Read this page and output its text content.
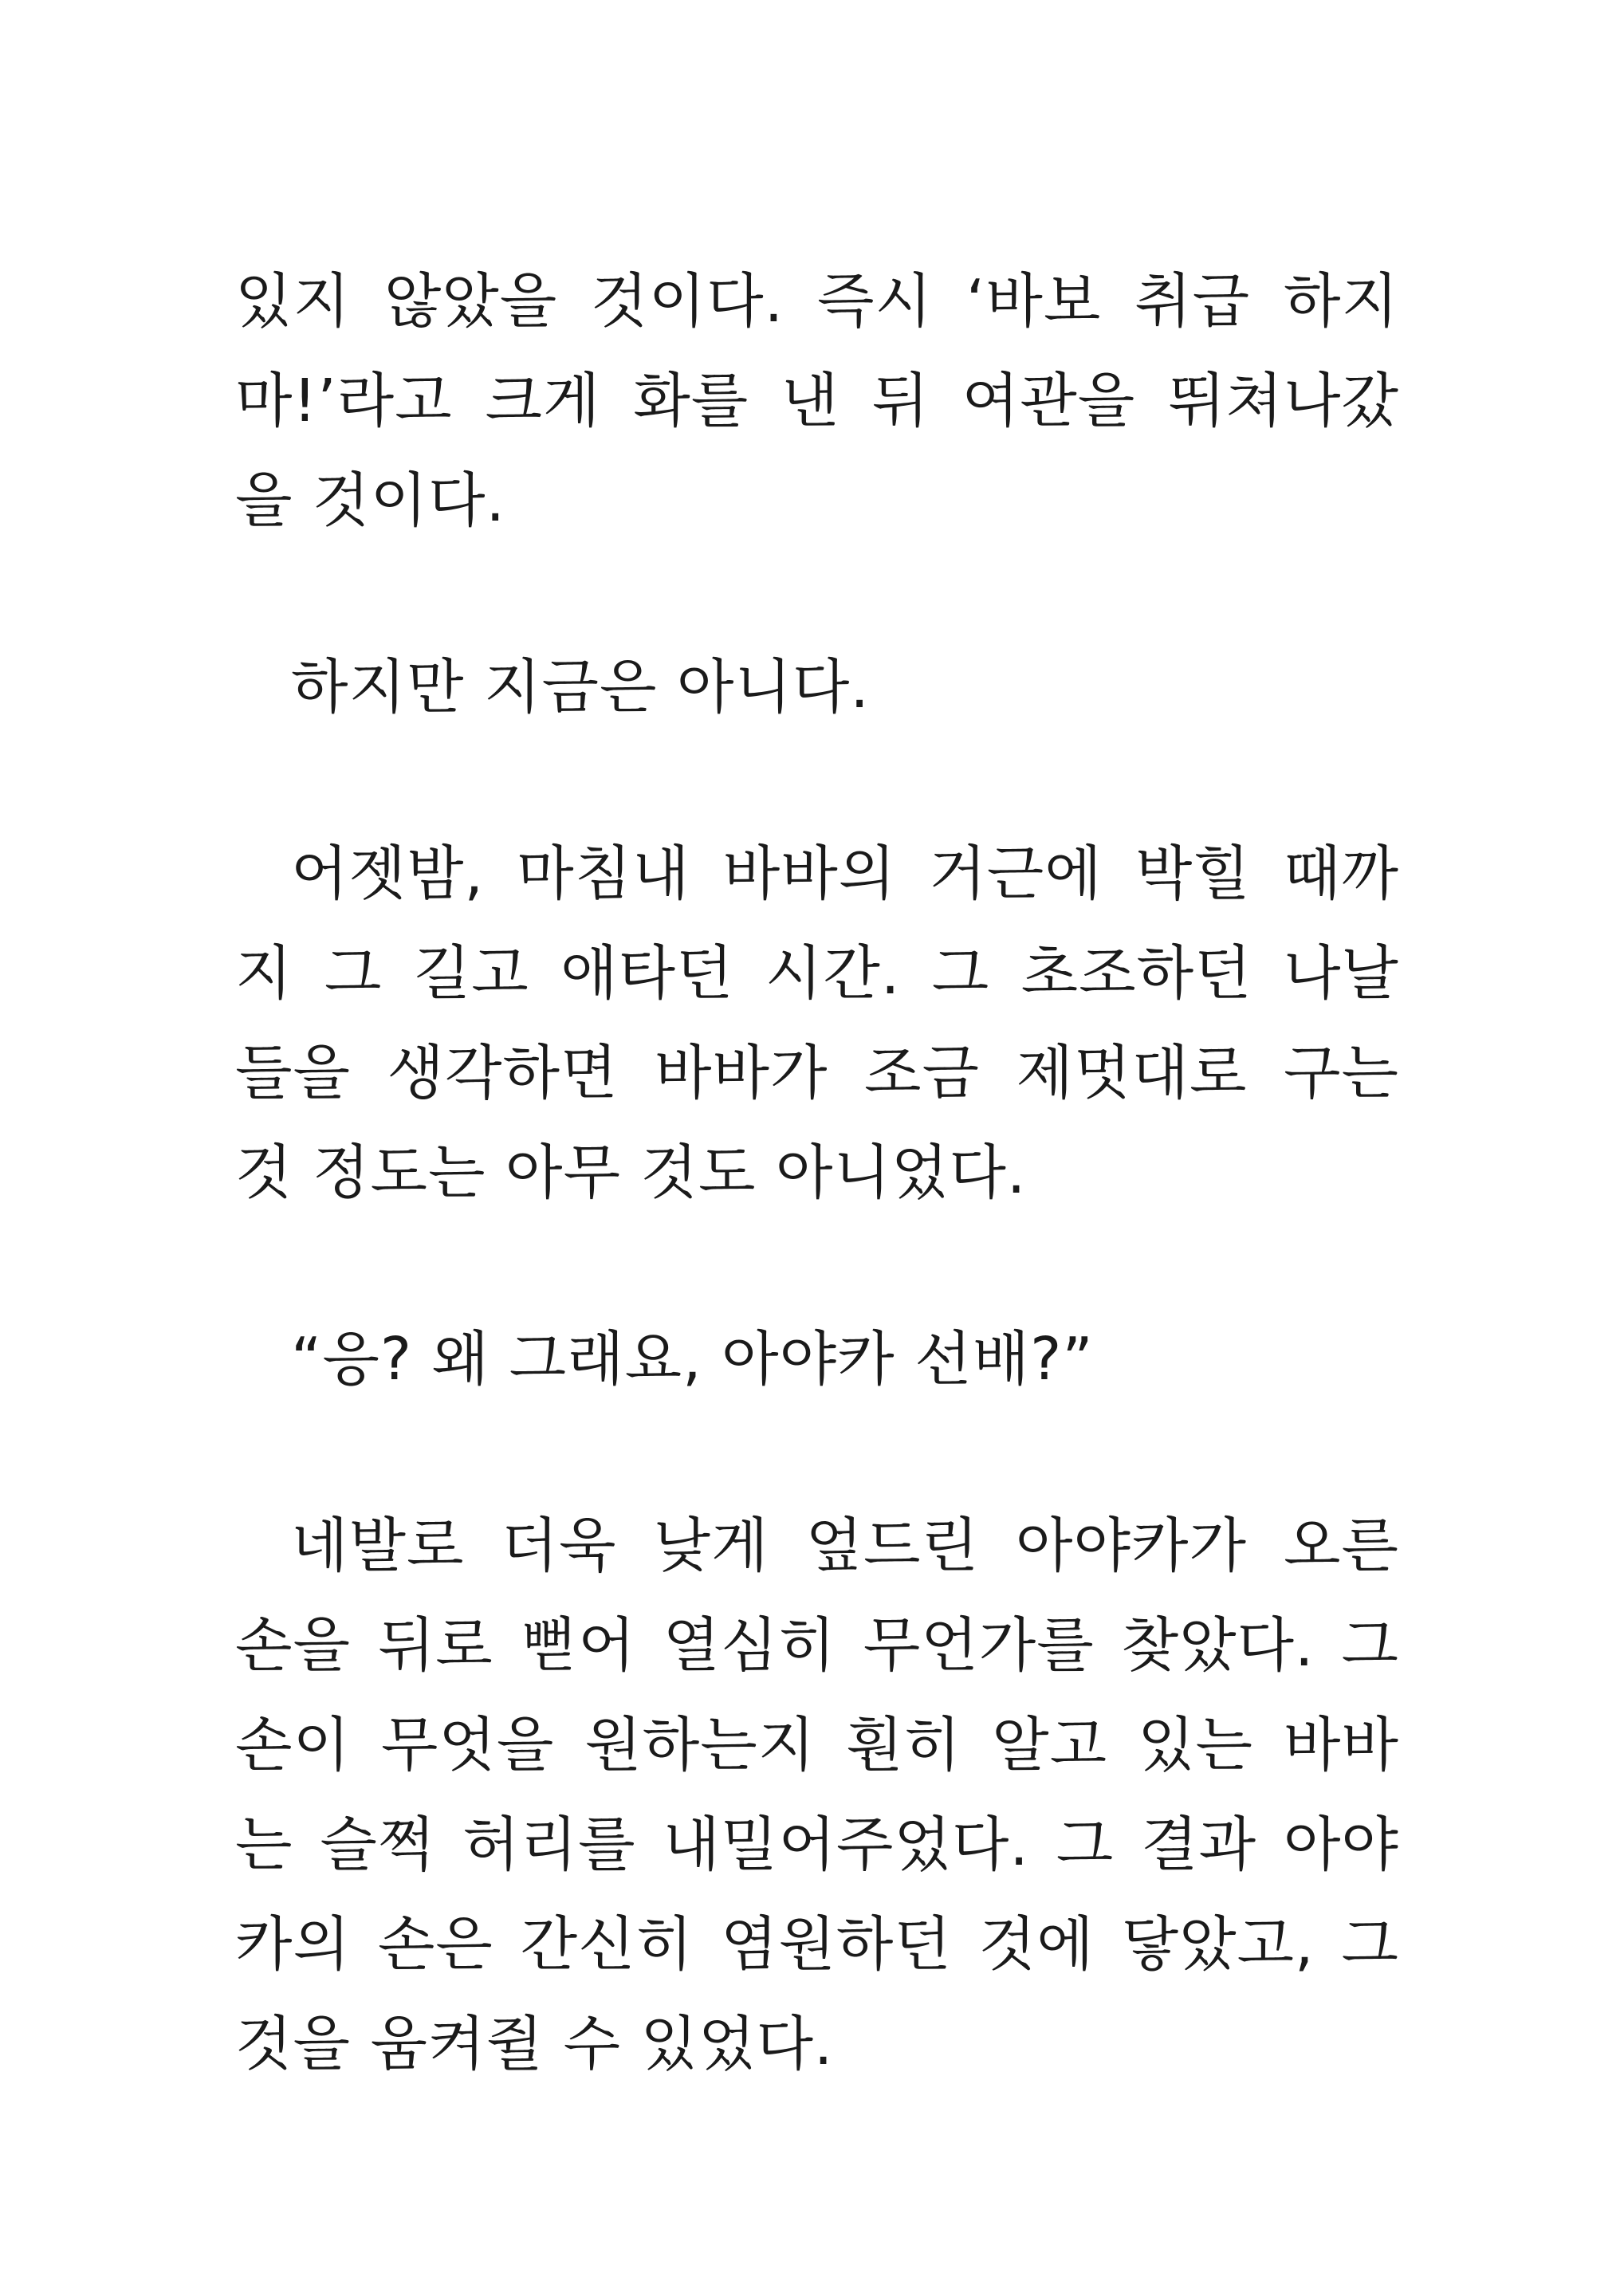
있지 않았을 것이다. 즉시 ‘바보 취급 하지
마!’라고 크게 화를 낸 뒤 여관을 뛰쳐나갔
을 것이다.
하지만 지금은 아니다.
어젯밤, 마침내 바바의 거근에 박힐 때까
지 그 길고 애타던 시간. 그 초조하던 나날
들을 생각하면 바바가 조금 제멋대로 구는
것 정도는 아무 것도 아니었다.
“응? 왜 그래요, 아야카 선배?”
네발로 더욱 낮게 엎드린 아야카가 오른
손을 뒤로 뻗어 열심히 무언가를 찾았다. 그
손이 무엇을 원하는지 훤히 알고 있는 바바
는 슬쩍 허리를 내밀어주었다. 그 결과 아야
카의 손은 간신히 염원하던 것에 닿았고, 그
것을 움켜쥘 수 있었다.
